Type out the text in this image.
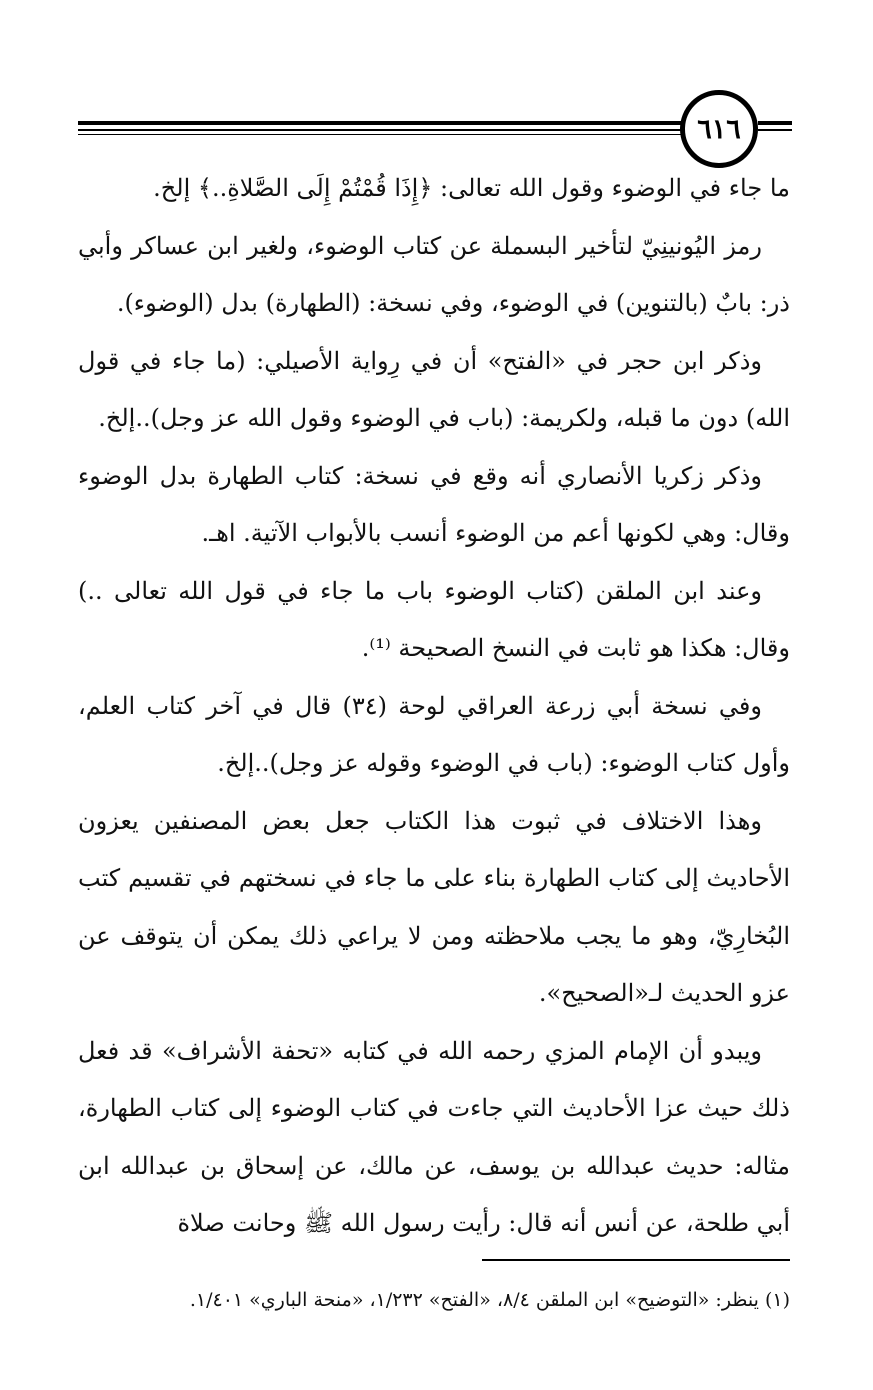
٦١٦

ما جاء في الوضوء وقول الله تعالى: ﴿إِذَا قُمْتُمْ إِلَى الصَّلاةِ..﴾ إلخ.

رمز اليُونينِيّ لتأخير البسملة عن كتاب الوضوء، ولغير ابن عساكر وأبي ذر: بابٌ (بالتنوين) في الوضوء، وفي نسخة: (الطهارة) بدل (الوضوء).

وذكر ابن حجر في «الفتح» أن في رِواية الأصيلي: (ما جاء في قول الله) دون ما قبله، ولكريمة: (باب في الوضوء وقول الله عز وجل)..إلخ.

وذكر زكريا الأنصاري أنه وقع في نسخة: كتاب الطهارة بدل الوضوء وقال: وهي لكونها أعم من الوضوء أنسب بالأبواب الآتية. اهـ.

وعند ابن الملقن (كتاب الوضوء باب ما جاء في قول الله تعالى ..) وقال: هكذا هو ثابت في النسخ الصحيحة ⁽¹⁾.

وفي نسخة أبي زرعة العراقي لوحة (٣٤) قال في آخر كتاب العلم، وأول كتاب الوضوء: (باب في الوضوء وقوله عز وجل)..إلخ.

وهذا الاختلاف في ثبوت هذا الكتاب جعل بعض المصنفين يعزون الأحاديث إلى كتاب الطهارة بناء على ما جاء في نسختهم في تقسيم كتب البُخارِيّ، وهو ما يجب ملاحظته ومن لا يراعي ذلك يمكن أن يتوقف عن عزو الحديث لـ«الصحيح».

ويبدو أن الإمام المزي رحمه الله في كتابه «تحفة الأشراف» قد فعل ذلك حيث عزا الأحاديث التي جاءت في كتاب الوضوء إلى كتاب الطهارة، مثاله: حديث عبدالله بن يوسف، عن مالك، عن إسحاق بن عبدالله ابن أبي طلحة، عن أنس أنه قال: رأيت رسول الله ﷺ وحانت صلاة

(١) ينظر: «التوضيح» ابن الملقن ٨/٤، «الفتح» ١/٢٣٢، «منحة الباري» ١/٤٠١.
